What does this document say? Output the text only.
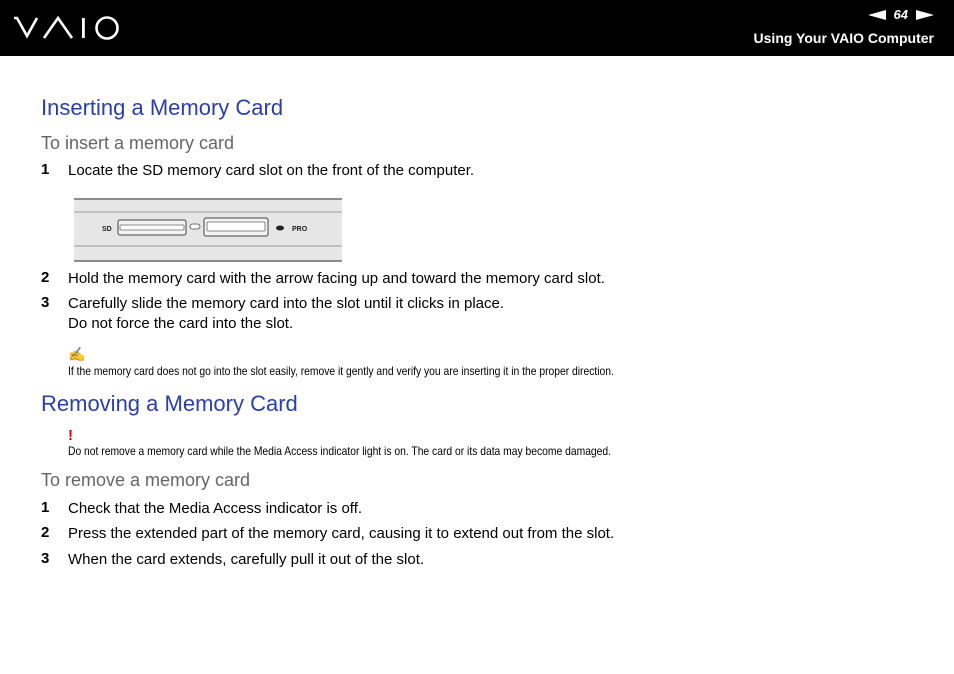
64
Using Your VAIO Computer
Inserting a Memory Card
To insert a memory card
1	Locate the SD memory card slot on the front of the computer.
SD	PRO
2	Hold the memory card with the arrow facing up and toward the memory card slot.
3	Carefully slide the memory card into the slot until it clicks in place.
Do not force the card into the slot.
✍
If the memory card does not go into the slot easily, remove it gently and verify you are inserting it in the proper direction.
Removing a Memory Card
!
Do not remove a memory card while the Media Access indicator light is on. The card or its data may become damaged.
To remove a memory card
1	Check that the Media Access indicator is off.
2	Press the extended part of the memory card, causing it to extend out from the slot.
3	When the card extends, carefully pull it out of the slot.
